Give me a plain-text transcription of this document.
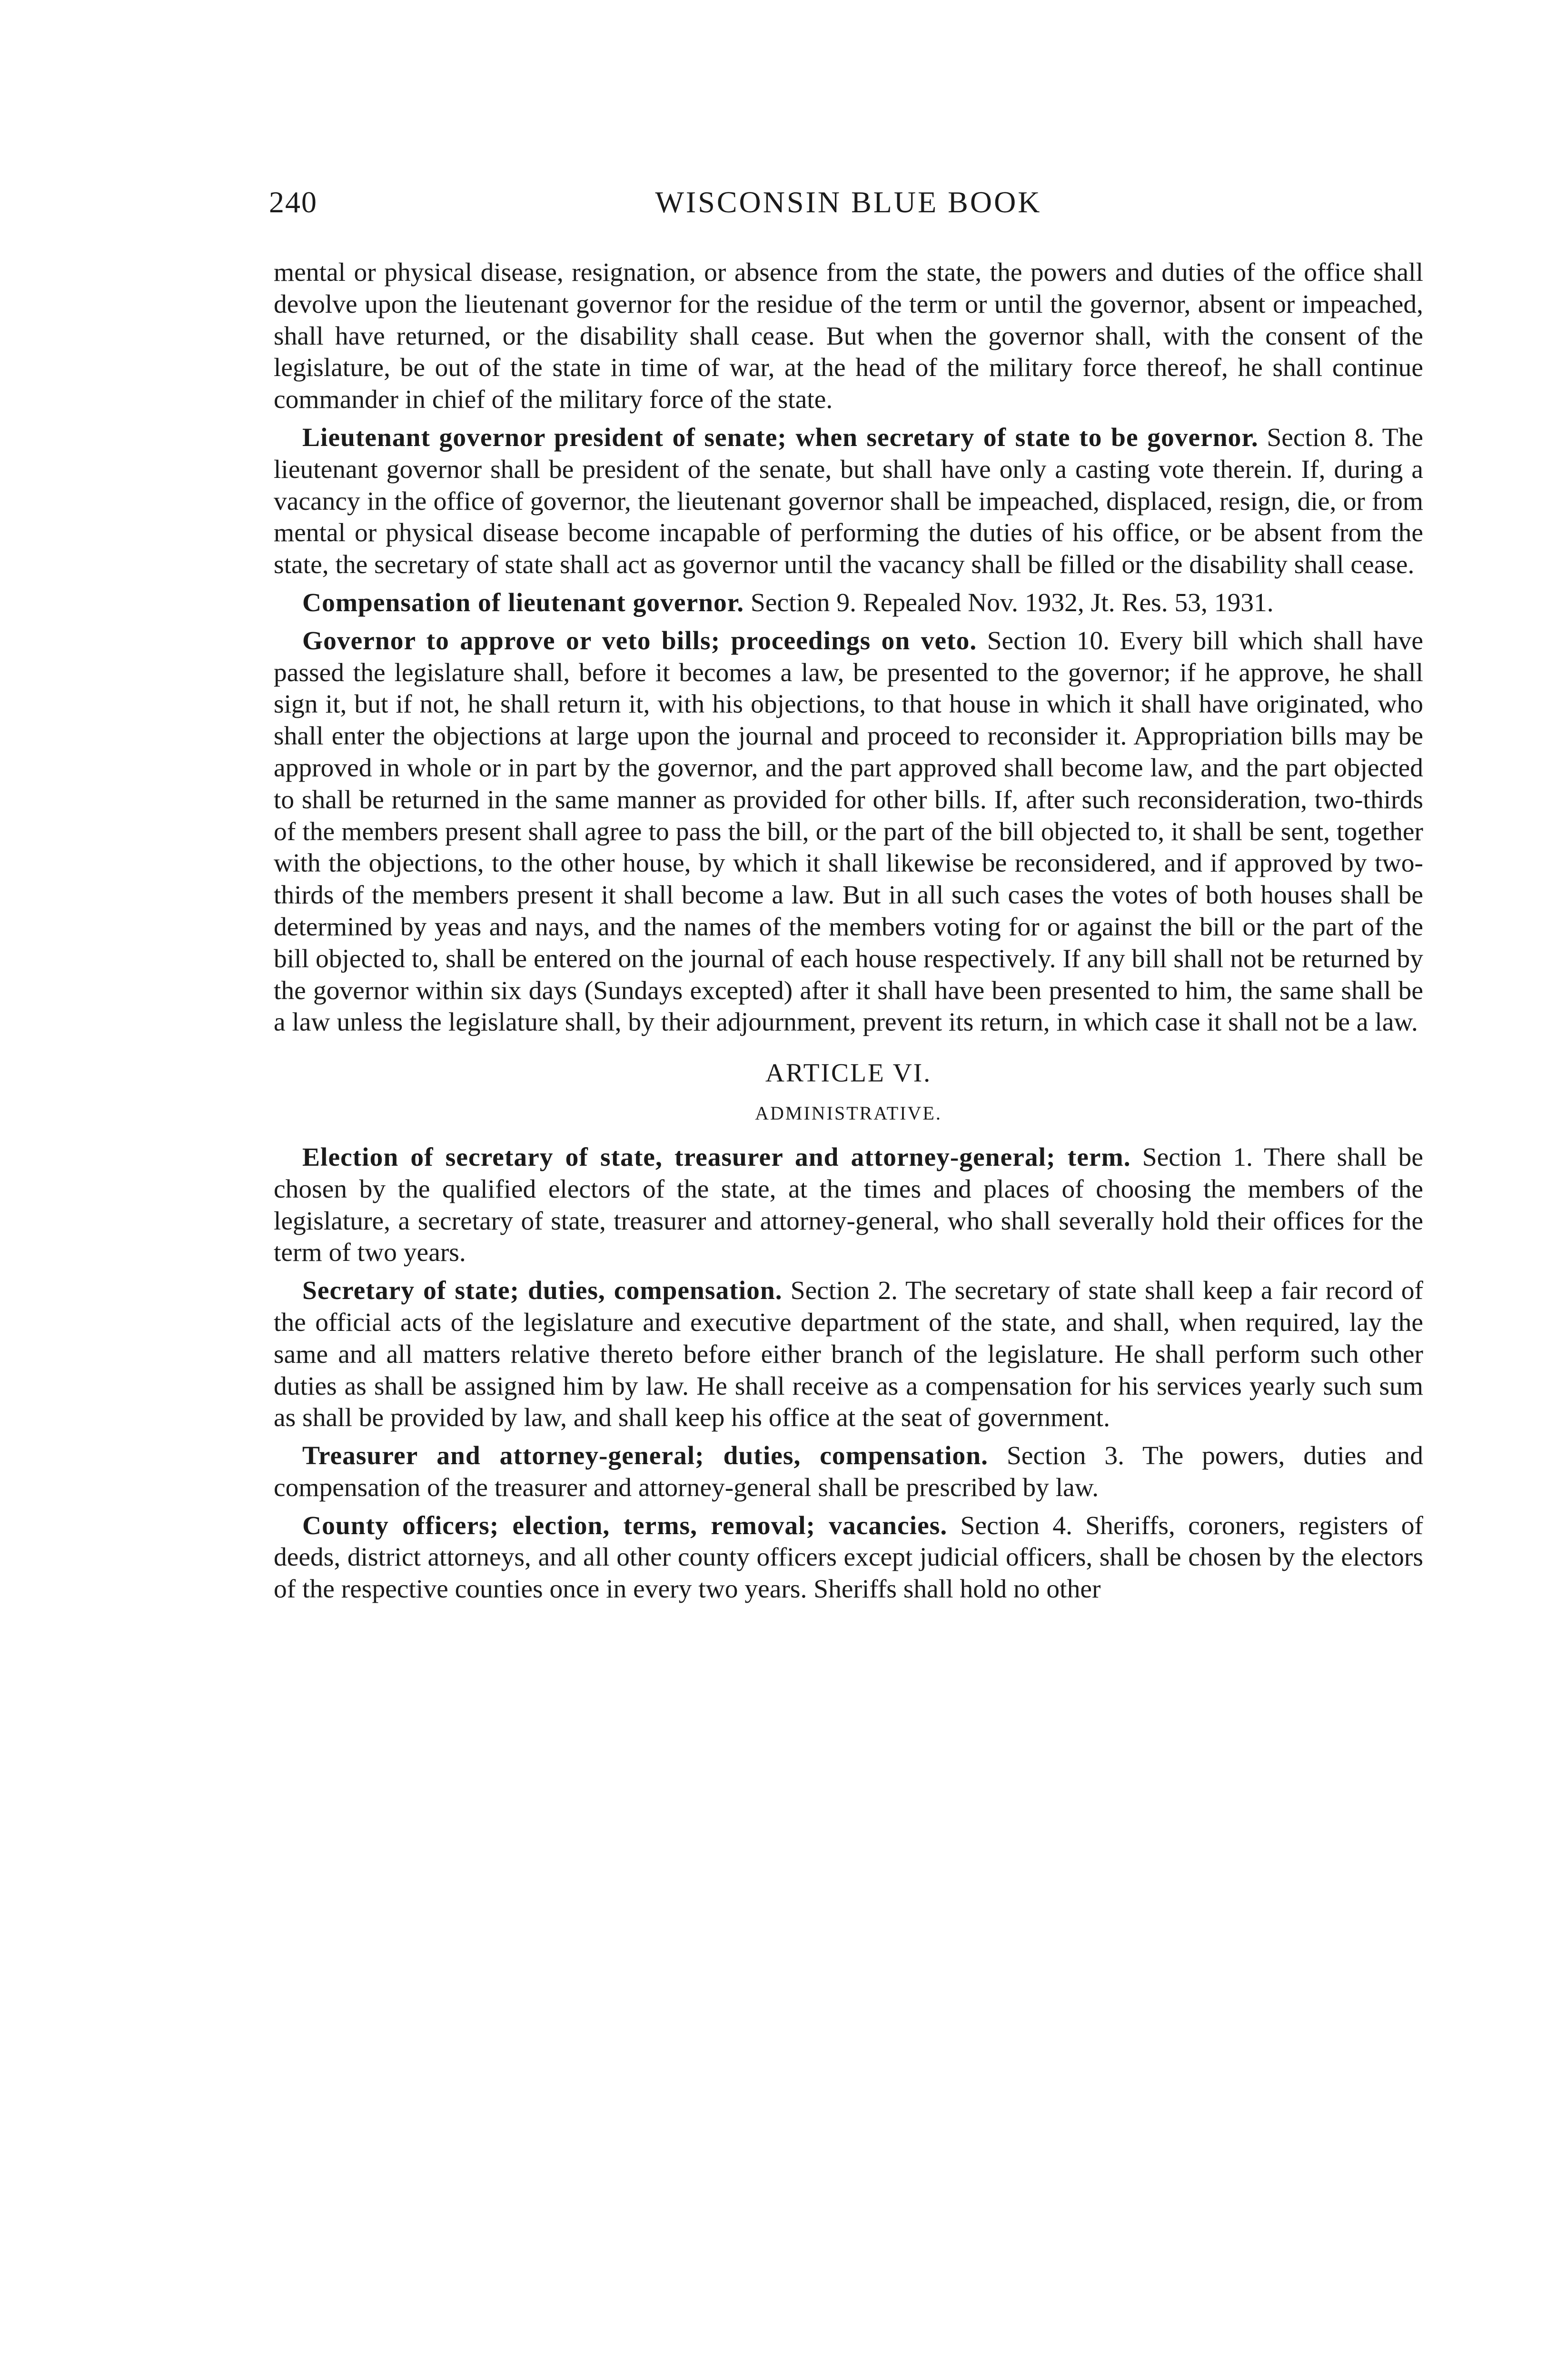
240	WISCONSIN BLUE BOOK

mental or physical disease, resignation, or absence from the state, the powers and duties of the office shall devolve upon the lieutenant governor for the residue of the term or until the governor, absent or impeached, shall have returned, or the disability shall cease. But when the governor shall, with the consent of the legislature, be out of the state in time of war, at the head of the military force thereof, he shall continue commander in chief of the military force of the state.

Lieutenant governor president of senate; when secretary of state to be governor. Section 8. The lieutenant governor shall be president of the senate, but shall have only a casting vote therein. If, during a vacancy in the office of governor, the lieutenant governor shall be impeached, displaced, resign, die, or from mental or physical disease become incapable of performing the duties of his office, or be absent from the state, the secretary of state shall act as governor until the vacancy shall be filled or the disability shall cease.

Compensation of lieutenant governor. Section 9. Repealed Nov. 1932, Jt. Res. 53, 1931.

Governor to approve or veto bills; proceedings on veto. Section 10. Every bill which shall have passed the legislature shall, before it becomes a law, be presented to the governor; if he approve, he shall sign it, but if not, he shall return it, with his objections, to that house in which it shall have originated, who shall enter the objections at large upon the journal and proceed to reconsider it. Appropriation bills may be approved in whole or in part by the governor, and the part approved shall become law, and the part objected to shall be returned in the same manner as provided for other bills. If, after such reconsideration, two-thirds of the members present shall agree to pass the bill, or the part of the bill objected to, it shall be sent, together with the objections, to the other house, by which it shall likewise be reconsidered, and if approved by two-thirds of the members present it shall become a law. But in all such cases the votes of both houses shall be determined by yeas and nays, and the names of the members voting for or against the bill or the part of the bill objected to, shall be entered on the journal of each house respectively. If any bill shall not be returned by the governor within six days (Sundays excepted) after it shall have been presented to him, the same shall be a law unless the legislature shall, by their adjournment, prevent its return, in which case it shall not be a law.

ARTICLE VI.
ADMINISTRATIVE.

Election of secretary of state, treasurer and attorney-general; term. Section 1. There shall be chosen by the qualified electors of the state, at the times and places of choosing the members of the legislature, a secretary of state, treasurer and attorney-general, who shall severally hold their offices for the term of two years.

Secretary of state; duties, compensation. Section 2. The secretary of state shall keep a fair record of the official acts of the legislature and executive department of the state, and shall, when required, lay the same and all matters relative thereto before either branch of the legislature. He shall perform such other duties as shall be assigned him by law. He shall receive as a compensation for his services yearly such sum as shall be provided by law, and shall keep his office at the seat of government.

Treasurer and attorney-general; duties, compensation. Section 3. The powers, duties and compensation of the treasurer and attorney-general shall be prescribed by law.

County officers; election, terms, removal; vacancies. Section 4. Sheriffs, coroners, registers of deeds, district attorneys, and all other county officers except judicial officers, shall be chosen by the electors of the respective counties once in every two years. Sheriffs shall hold no other
